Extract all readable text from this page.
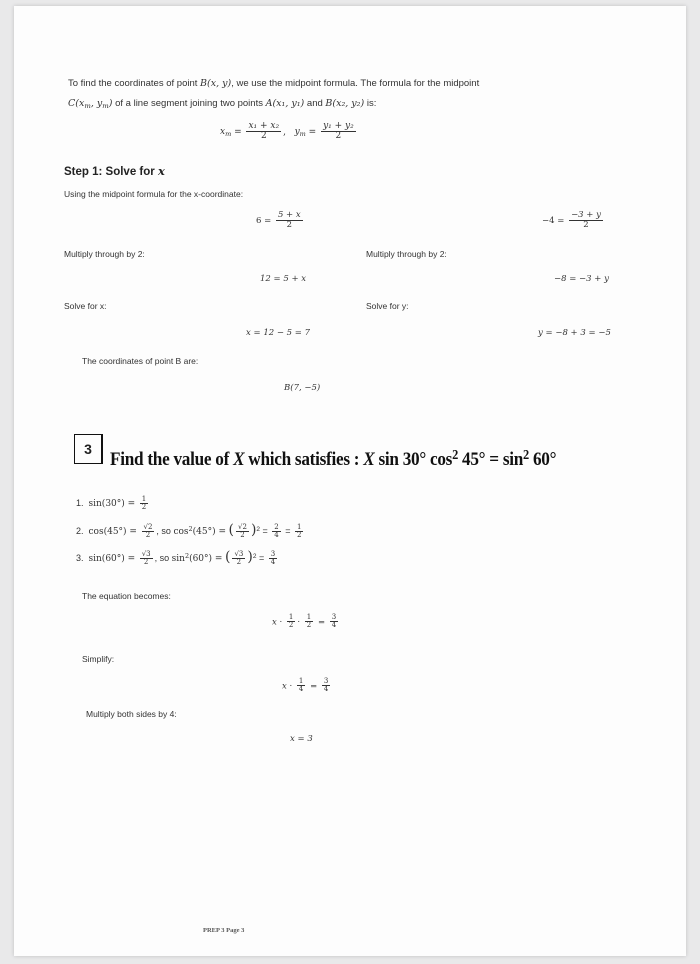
To find the coordinates of point B(x, y), we use the midpoint formula. The formula for the midpoint
$C(x_m$, $y_m$) of a line segment joining two points A(x₁, y₁) and B(x₂, y₂) is:
$x_m = \frac{\text{x₁ + x₂}}{2}$ ,   $y_m = \frac{\text{y₁ + y₂}}{2}$
Step 1: Solve for x
Using the midpoint formula for the x-coordinate:
$6 = \frac{5 + x}{2}$	$-4 = \frac{-3 + y}{2}$
Multiply through by 2:	Multiply through by 2:
12 = 5 + x	−8 = −3 + y
Solve for x:	Solve for y:
x = 12 − 5 = 7	y = −8 + 3 = −5
The coordinates of point B are:
B(7, −5)
3
Find the value of X which satisfies : X sin 30° $\cos^2 45^\circ = \sin^2 60^\circ$
1.  $\sin(30^\circ) = \frac{1}{2}$
2.  $\cos(45^\circ) = \frac{√2}{2}$ , so $\cos^2(45^\circ)$ = ( $\frac{√2}{2} )^2 = \frac{2}{4} = \frac{1}{2}$
3.  $\sin(60^\circ) = \frac{√3}{2}$ , so $\sin^2(60^\circ)$ = ( $\frac{√3}{2} )^2 = \frac{3}{4}$
The equation becomes:
$x \cdot \frac{1}{2} \cdot \frac{1}{2} = \frac{3}{4}$
Simplify:
$x \cdot \frac{1}{4} = \frac{3}{4}$
Multiply both sides by 4:
x = 3
PREP 3 Page 3
